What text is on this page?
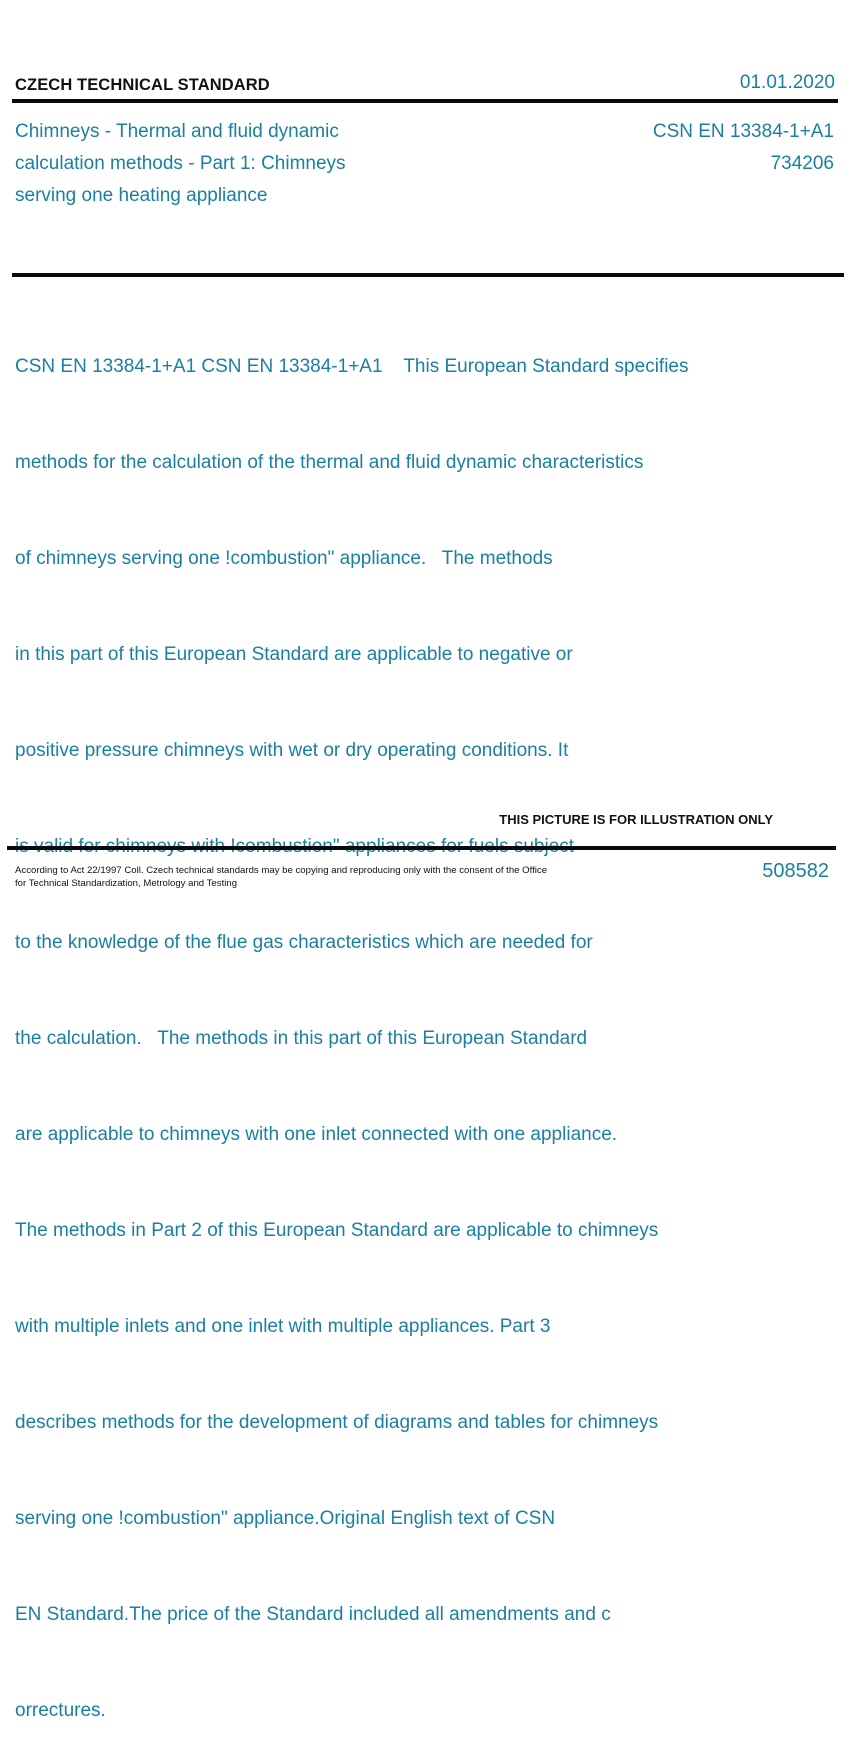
CZECH TECHNICAL STANDARD	01.01.2020
Chimneys - Thermal and fluid dynamic
calculation methods - Part 1: Chimneys
serving one heating appliance
CSN EN 13384-1+A1
734206

CSN EN 13384-1+A1 CSN EN 13384-1+A1    This European Standard specifies

methods for the calculation of the thermal and fluid dynamic characteristics

of chimneys serving one !combustion" appliance.   The methods

in this part of this European Standard are applicable to negative or

positive pressure chimneys with wet or dry operating conditions. It

to the knowledge of the flue gas characteristics which are needed for

the calculation.   The methods in this part of this European Standard

are applicable to chimneys with one inlet connected with one appliance.

The methods in Part 2 of this European Standard are applicable to chimneys

with multiple inlets and one inlet with multiple appliances. Part 3

describes methods for the development of diagrams and tables for chimneys

serving one !combustion" appliance.Original English text of CSN

EN Standard.The price of the Standard included all amendments and c

orrectures.

THIS PICTURE IS FOR ILLUSTRATION ONLY
According to Act 22/1997 Coll. Czech technical standards may be copying and reproducing only with the consent of the Office
for Technical Standardization, Metrology and Testing
508582
